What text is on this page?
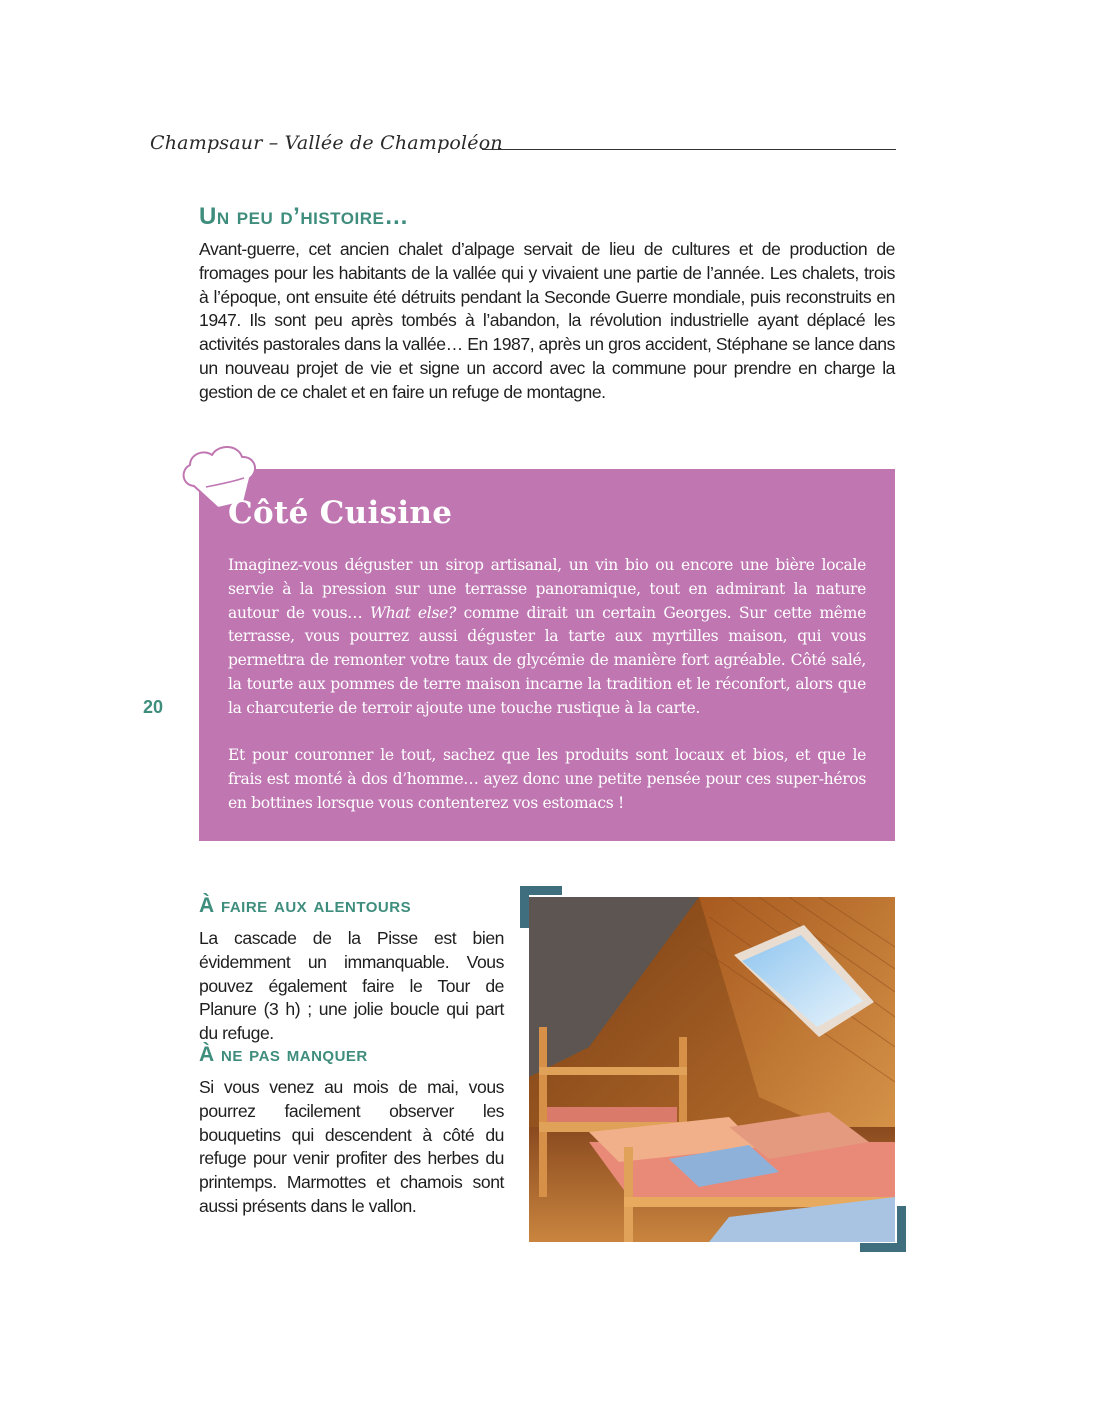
Champsaur – Vallée de Champoléon
Un peu d’histoire…

Avant-guerre, cet ancien chalet d’alpage servait de lieu de cultures et de production de fromages pour les habitants de la vallée qui y vivaient une partie de l’année. Les chalets, trois à l’époque, ont ensuite été détruits pendant la Seconde Guerre mondiale, puis reconstruits en 1947. Ils sont peu après tombés à l’abandon, la révolution industrielle ayant déplacé les activités pastorales dans la vallée… En 1987, après un gros accident, Stéphane se lance dans un nouveau projet de vie et signe un accord avec la commune pour prendre en charge la gestion de ce chalet et en faire un refuge de montagne.

20
Côté Cuisine

Imaginez-vous déguster un sirop artisanal, un vin bio ou encore une bière locale servie à la pression sur une terrasse panoramique, tout en admirant la nature autour de vous… What else? comme dirait un certain Georges. Sur cette même terrasse, vous pourrez aussi déguster la tarte aux myrtilles maison, qui vous permettra de remonter votre taux de glycémie de manière fort agréable. Côté salé, la tourte aux pommes de terre maison incarne la tradition et le réconfort, alors que la charcuterie de terroir ajoute une touche rustique à la carte.

Et pour couronner le tout, sachez que les produits sont locaux et bios, et que le frais est monté à dos d’homme… ayez donc une petite pensée pour ces super-héros en bottines lorsque vous contenterez vos estomacs !

À faire aux alentours

La cascade de la Pisse est bien évidemment un immanquable. Vous pouvez également faire le Tour de Planure (3 h) ; une jolie boucle qui part du refuge.

À ne pas manquer

Si vous venez au mois de mai, vous pourrez facilement observer les bouquetins qui descendent à côté du refuge pour venir profiter des herbes du printemps. Marmottes et chamois sont aussi présents dans le vallon.
